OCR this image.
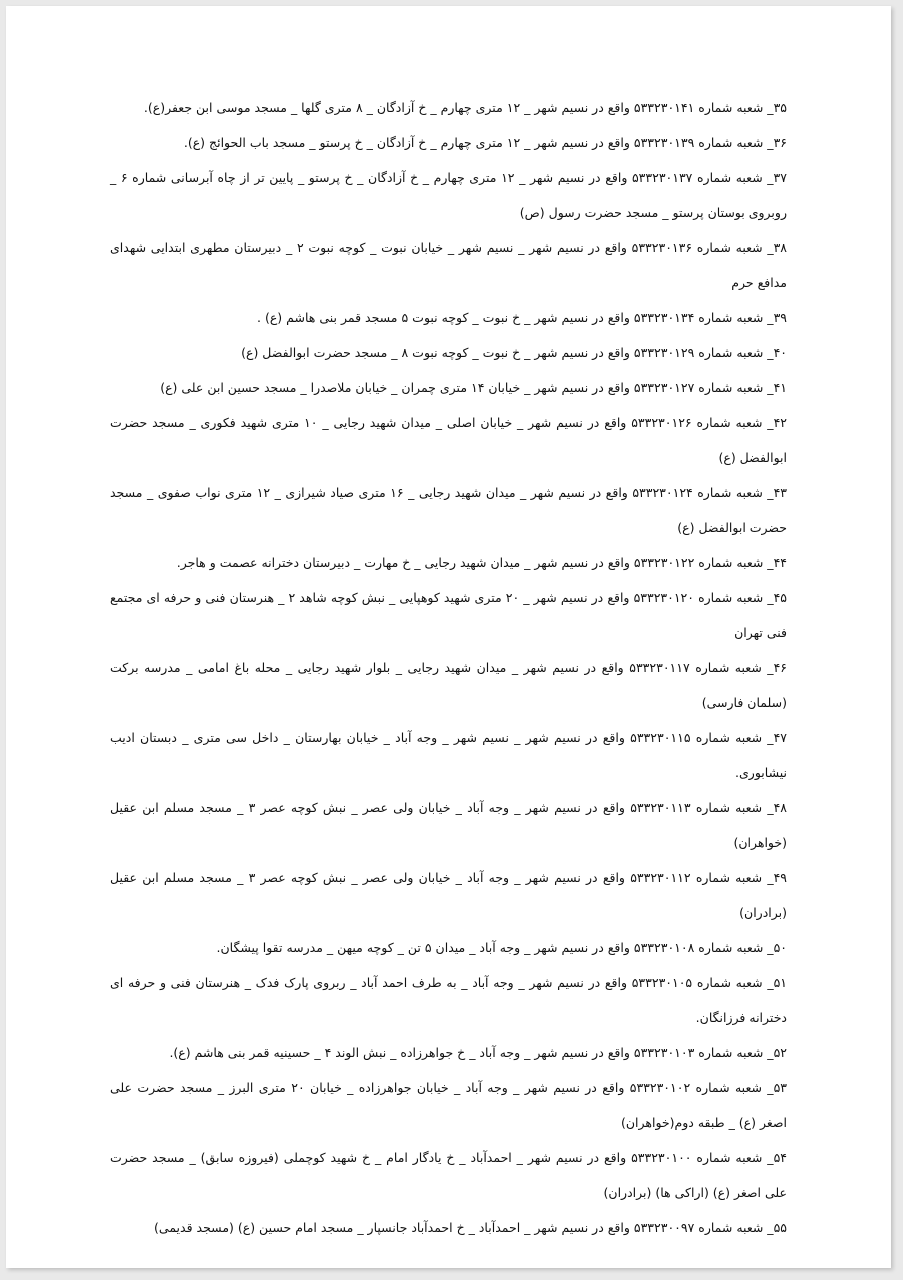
۳۵_ شعبه شماره ۵۳۳۲۳۰۱۴۱ واقع در نسیم شهر _ ۱۲ متری چهارم _ خ آزادگان _ ۸ متری گلها _ مسجد موسی ابن جعفر(ع).

۳۶_ شعبه شماره ۵۳۳۲۳۰۱۳۹ واقع در نسیم شهر _ ۱۲ متری چهارم _ خ آزادگان _ خ پرستو _ مسجد باب الحوائج (ع).

۳۷_ شعبه شماره ۵۳۳۲۳۰۱۳۷ واقع در نسیم شهر _ ۱۲ متری چهارم _ خ آزادگان _ خ پرستو _ پایین تر از چاه آبرسانی شماره ۶ _ روبروی بوستان پرستو _ مسجد حضرت رسول (ص)

۳۸_ شعبه شماره ۵۳۳۲۳۰۱۳۶ واقع در نسیم شهر _ نسیم شهر _ خیابان نبوت _ کوچه نبوت ۲ _ دبیرستان مطهری ابتدایی شهدای مدافع حرم

۳۹_ شعبه شماره ۵۳۳۲۳۰۱۳۴ واقع در نسیم شهر _ خ نبوت _ کوچه نبوت ۵ مسجد قمر بنی هاشم (ع) .

۴۰_ شعبه شماره ۵۳۳۲۳۰۱۲۹ واقع در نسیم شهر _ خ نبوت _ کوچه نبوت ۸ _ مسجد حضرت ابوالفضل (ع)

۴۱_ شعبه شماره ۵۳۳۲۳۰۱۲۷ واقع در نسیم شهر _ خیابان ۱۴ متری چمران _ خیابان ملاصدرا _ مسجد حسین ابن علی (ع)

۴۲_ شعبه شماره ۵۳۳۲۳۰۱۲۶ واقع در نسیم شهر _ خیابان اصلی _ میدان شهید رجایی _ ۱۰ متری شهید فکوری _ مسجد حضرت ابوالفضل (ع)

۴۳_ شعبه شماره ۵۳۳۲۳۰۱۲۴ واقع در نسیم شهر _ میدان شهید رجایی _ ۱۶ متری صیاد شیرازی _ ۱۲ متری نواب صفوی _ مسجد حضرت ابوالفضل (ع)

۴۴_ شعبه شماره ۵۳۳۲۳۰۱۲۲ واقع در نسیم شهر _ میدان شهید رجایی _ خ مهارت _ دبیرستان دخترانه عصمت و هاجر.

۴۵_ شعبه شماره ۵۳۳۲۳۰۱۲۰ واقع در نسیم شهر _ ۲۰ متری شهید کوهپایی _ نبش کوچه شاهد ۲ _ هنرستان فنی و حرفه ای مجتمع فنی تهران

۴۶_ شعبه شماره ۵۳۳۲۳۰۱۱۷ واقع در نسیم شهر _ میدان شهید رجایی _ بلوار شهید رجایی _ محله باغ امامی _ مدرسه برکت (سلمان فارسی)

۴۷_ شعبه شماره ۵۳۳۲۳۰۱۱۵ واقع در نسیم شهر _ نسیم شهر _ وجه آباد _ خیابان بهارستان _ داخل سی متری _ دبستان ادیب نیشابوری.

۴۸_ شعبه شماره ۵۳۳۲۳۰۱۱۳ واقع در نسیم شهر _ وجه آباد _ خیابان ولی عصر _ نبش کوچه عصر ۳ _ مسجد مسلم ابن عقیل (خواهران)

۴۹_ شعبه شماره ۵۳۳۲۳۰۱۱۲ واقع در نسیم شهر _ وجه آباد _ خیابان ولی عصر _ نبش کوچه عصر ۳ _ مسجد مسلم ابن عقیل (برادران)

۵۰_ شعبه شماره ۵۳۳۲۳۰۱۰۸ واقع در نسیم شهر _ وجه آباد _ میدان ۵ تن _ کوچه میهن _ مدرسه تقوا پیشگان.

۵۱_ شعبه شماره ۵۳۳۲۳۰۱۰۵ واقع در نسیم شهر _ وجه آباد _ به طرف احمد آباد _ ربروی پارک فدک _ هنرستان فنی و حرفه ای دخترانه فرزانگان.

۵۲_ شعبه شماره ۵۳۳۲۳۰۱۰۳ واقع در نسیم شهر _ وجه آباد _ خ جواهرزاده _ نبش الوند ۴ _ حسینیه قمر بنی هاشم (ع).

۵۳_ شعبه شماره ۵۳۳۲۳۰۱۰۲ واقع در نسیم شهر _ وجه آباد _ خیابان جواهرزاده _ خیابان ۲۰ متری البرز _ مسجد حضرت علی اصغر (ع) _ طبقه دوم(خواهران)

۵۴_ شعبه شماره ۵۳۳۲۳۰۱۰۰ واقع در نسیم شهر _ احمدآباد _ خ یادگار امام _ خ شهید کوچملی (فیروزه سابق) _ مسجد حضرت علی اصغر (ع) (اراکی ها) (برادران)

۵۵_ شعبه شماره ۵۳۳۲۳۰۰۹۷ واقع در نسیم شهر _ احمدآباد _ خ احمدآباد جانسپار _ مسجد امام حسین (ع) (مسجد قدیمی)
